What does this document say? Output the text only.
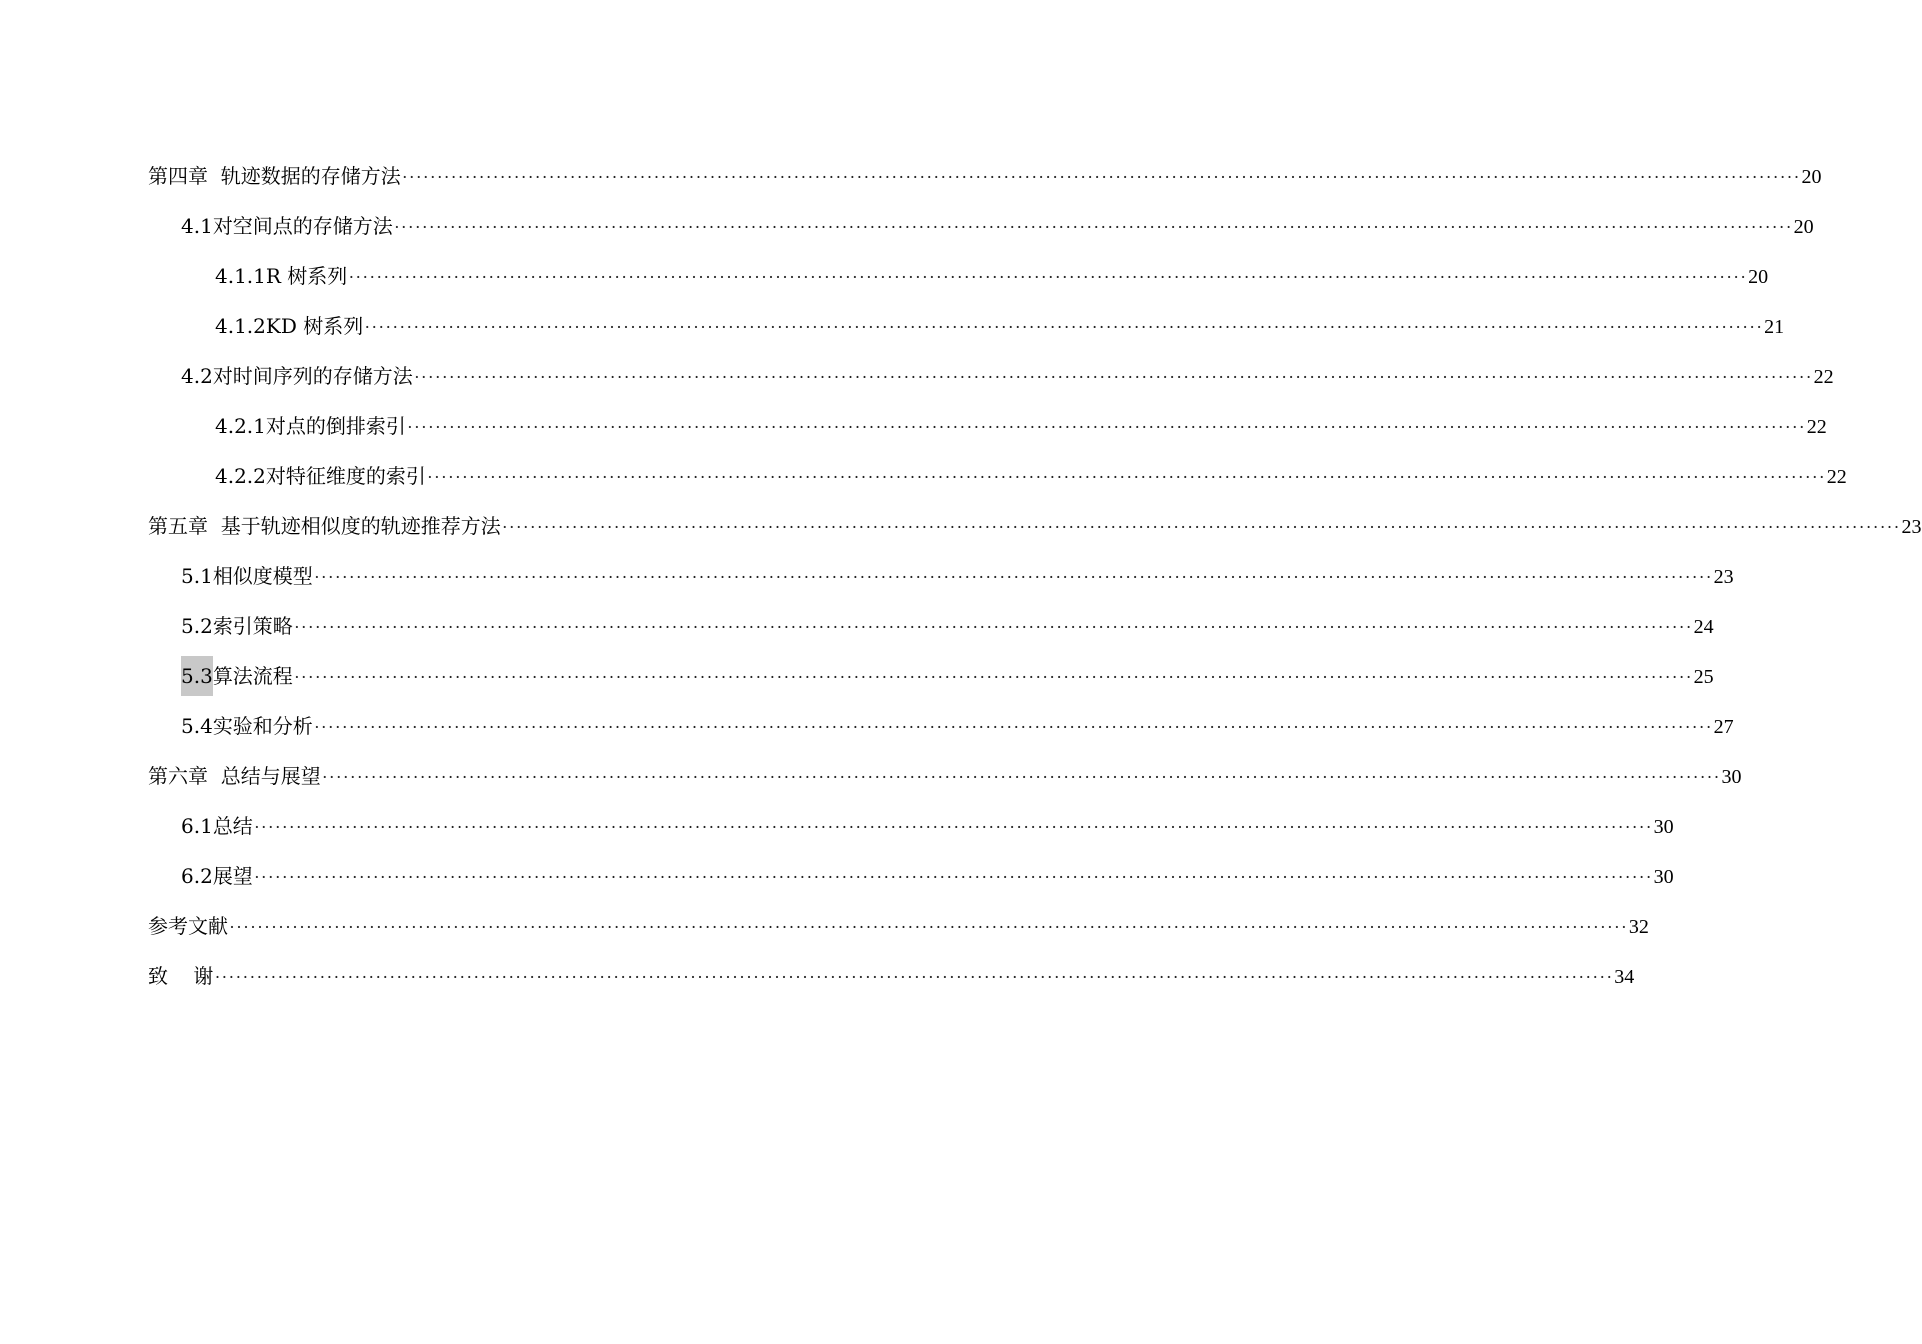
第四章  轨迹数据的存储方法 ········································································································································································································ 20
4.1 对空间点的存储方法 ········································································································································································································ 20
4.1.1 R 树系列 ········································································································································································································ 20
4.1.2 KD 树系列 ········································································································································································································ 21
4.2 对时间序列的存储方法 ········································································································································································································ 22
4.2.1 对点的倒排索引 ········································································································································································································ 22
4.2.2 对特征维度的索引 ········································································································································································································ 22
第五章  基于轨迹相似度的轨迹推荐方法 ········································································································································································································ 23
5.1 相似度模型 ········································································································································································································ 23
5.2 索引策略 ········································································································································································································ 24
5.3 算法流程 ········································································································································································································ 25
5.4 实验和分析 ········································································································································································································ 27
第六章  总结与展望 ········································································································································································································ 30
6.1 总结 ········································································································································································································ 30
6.2 展望 ········································································································································································································ 30
参考文献 ········································································································································································································ 32
致    谢 ········································································································································································································ 34
